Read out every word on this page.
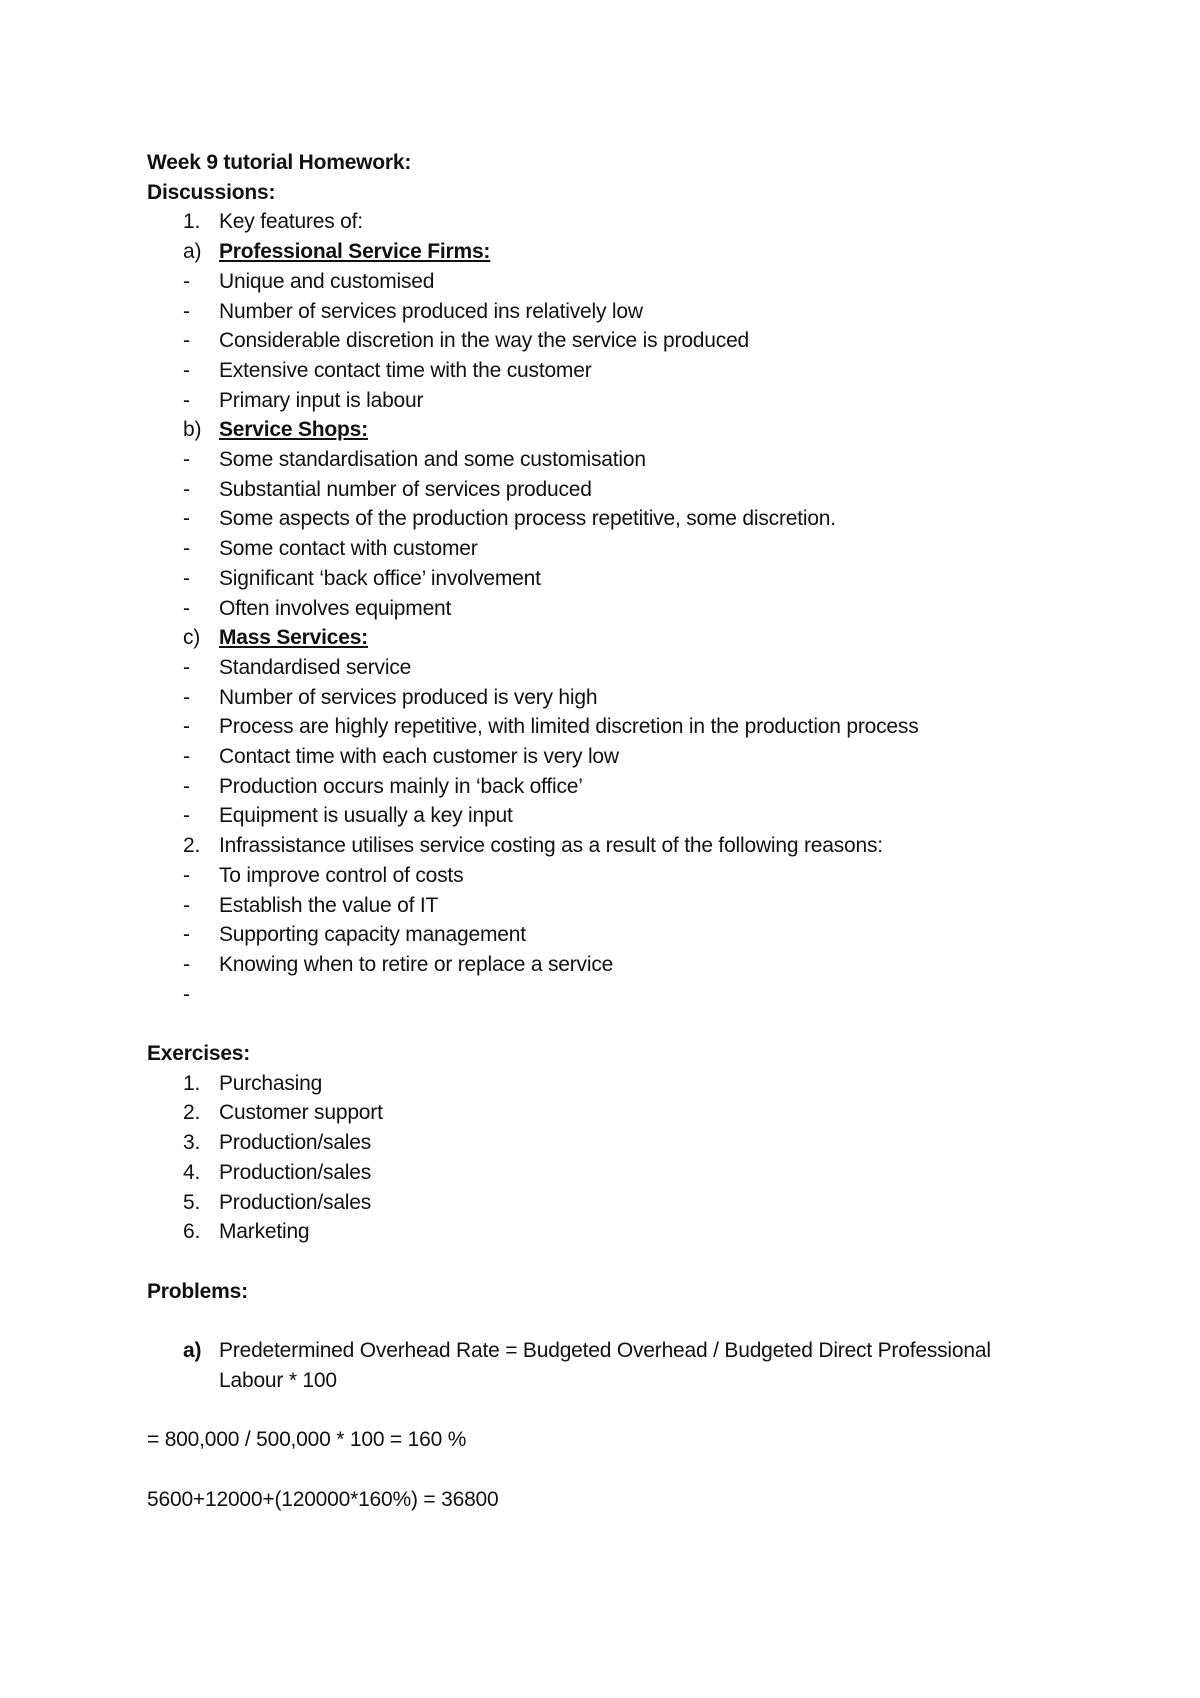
Week 9 tutorial Homework:
Discussions:
1. Key features of:
a) Professional Service Firms:
- Unique and customised
- Number of services produced ins relatively low
- Considerable discretion in the way the service is produced
- Extensive contact time with the customer
- Primary input is labour
b) Service Shops:
- Some standardisation and some customisation
- Substantial number of services produced
- Some aspects of the production process repetitive, some discretion.
- Some contact with customer
- Significant ‘back office’ involvement
- Often involves equipment
c) Mass Services:
- Standardised service
- Number of services produced is very high
- Process are highly repetitive, with limited discretion in the production process
- Contact time with each customer is very low
- Production occurs mainly in ‘back office’
- Equipment is usually a key input
2. Infrassistance utilises service costing as a result of the following reasons:
- To improve control of costs
- Establish the value of IT
- Supporting capacity management
- Knowing when to retire or replace a service
-
Exercises:
1. Purchasing
2. Customer support
3. Production/sales
4. Production/sales
5. Production/sales
6. Marketing
Problems:
a) Predetermined Overhead Rate = Budgeted Overhead / Budgeted Direct Professional Labour * 100
= 800,000 / 500,000 * 100 = 160 %
5600+12000+(120000*160%) = 36800
